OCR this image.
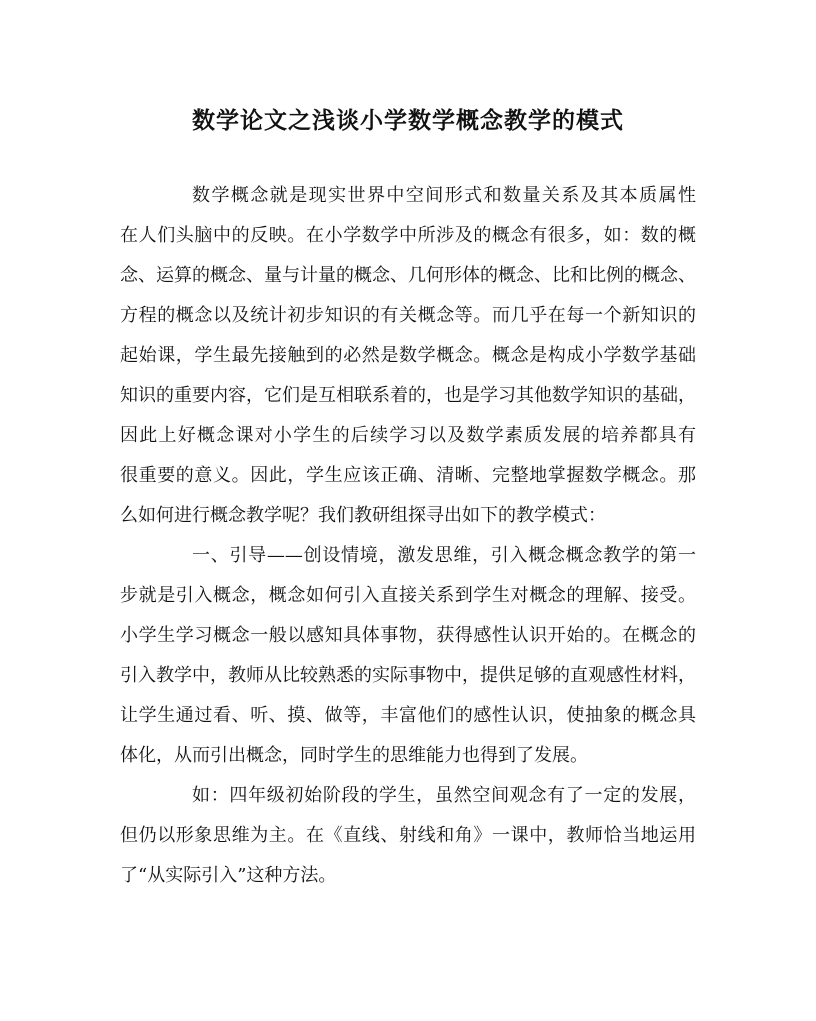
数学论文之浅谈小学数学概念教学的模式
数学概念就是现实世界中空间形式和数量关系及其本质属性
在人们头脑中的反映。在小学数学中所涉及的概念有很多，如：数的概
念、运算的概念、量与计量的概念、几何形体的概念、比和比例的概念、
方程的概念以及统计初步知识的有关概念等。而几乎在每一个新知识的
起始课，学生最先接触到的必然是数学概念。概念是构成小学数学基础
知识的重要内容，它们是互相联系着的，也是学习其他数学知识的基础，
因此上好概念课对小学生的后续学习以及数学素质发展的培养都具有
很重要的意义。因此，学生应该正确、清晰、完整地掌握数学概念。那
么如何进行概念教学呢？我们教研组探寻出如下的教学模式：
一、引导——创设情境，激发思维，引入概念概念教学的第一
步就是引入概念，概念如何引入直接关系到学生对概念的理解、接受。
小学生学习概念一般以感知具体事物，获得感性认识开始的。在概念的
引入教学中，教师从比较熟悉的实际事物中，提供足够的直观感性材料，
让学生通过看、听、摸、做等，丰富他们的感性认识，使抽象的概念具
体化，从而引出概念，同时学生的思维能力也得到了发展。
如：四年级初始阶段的学生，虽然空间观念有了一定的发展，
但仍以形象思维为主。在《直线、射线和角》一课中，教师恰当地运用
了“从实际引入”这种方法。
